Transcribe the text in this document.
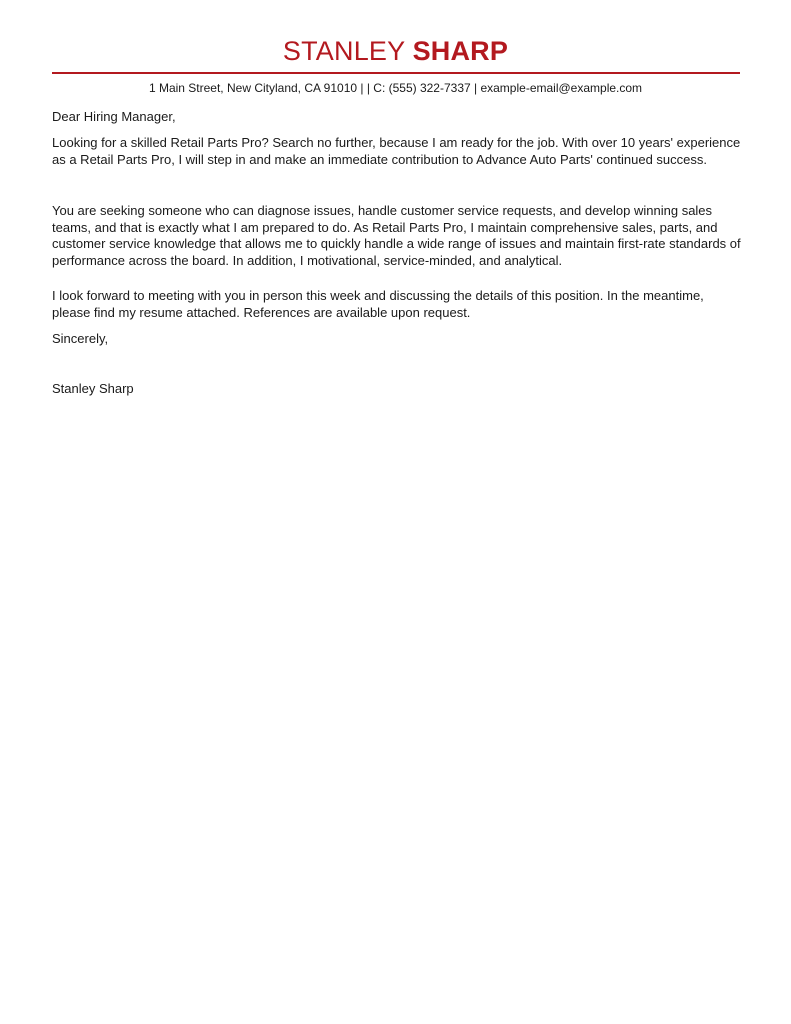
STANLEY SHARP
1 Main Street, New Cityland, CA 91010 | | C: (555) 322-7337 | example-email@example.com

Dear Hiring Manager,

Looking for a skilled Retail Parts Pro? Search no further, because I am ready for the job. With over 10 years' experience as a Retail Parts Pro, I will step in and make an immediate contribution to Advance Auto Parts' continued success.

You are seeking someone who can diagnose issues, handle customer service requests, and develop winning sales teams, and that is exactly what I am prepared to do. As Retail Parts Pro, I maintain comprehensive sales, parts, and customer service knowledge that allows me to quickly handle a wide range of issues and maintain first-rate standards of performance across the board. In addition, I motivational, service-minded, and analytical.

I look forward to meeting with you in person this week and discussing the details of this position. In the meantime, please find my resume attached. References are available upon request.

Sincerely,

Stanley Sharp
